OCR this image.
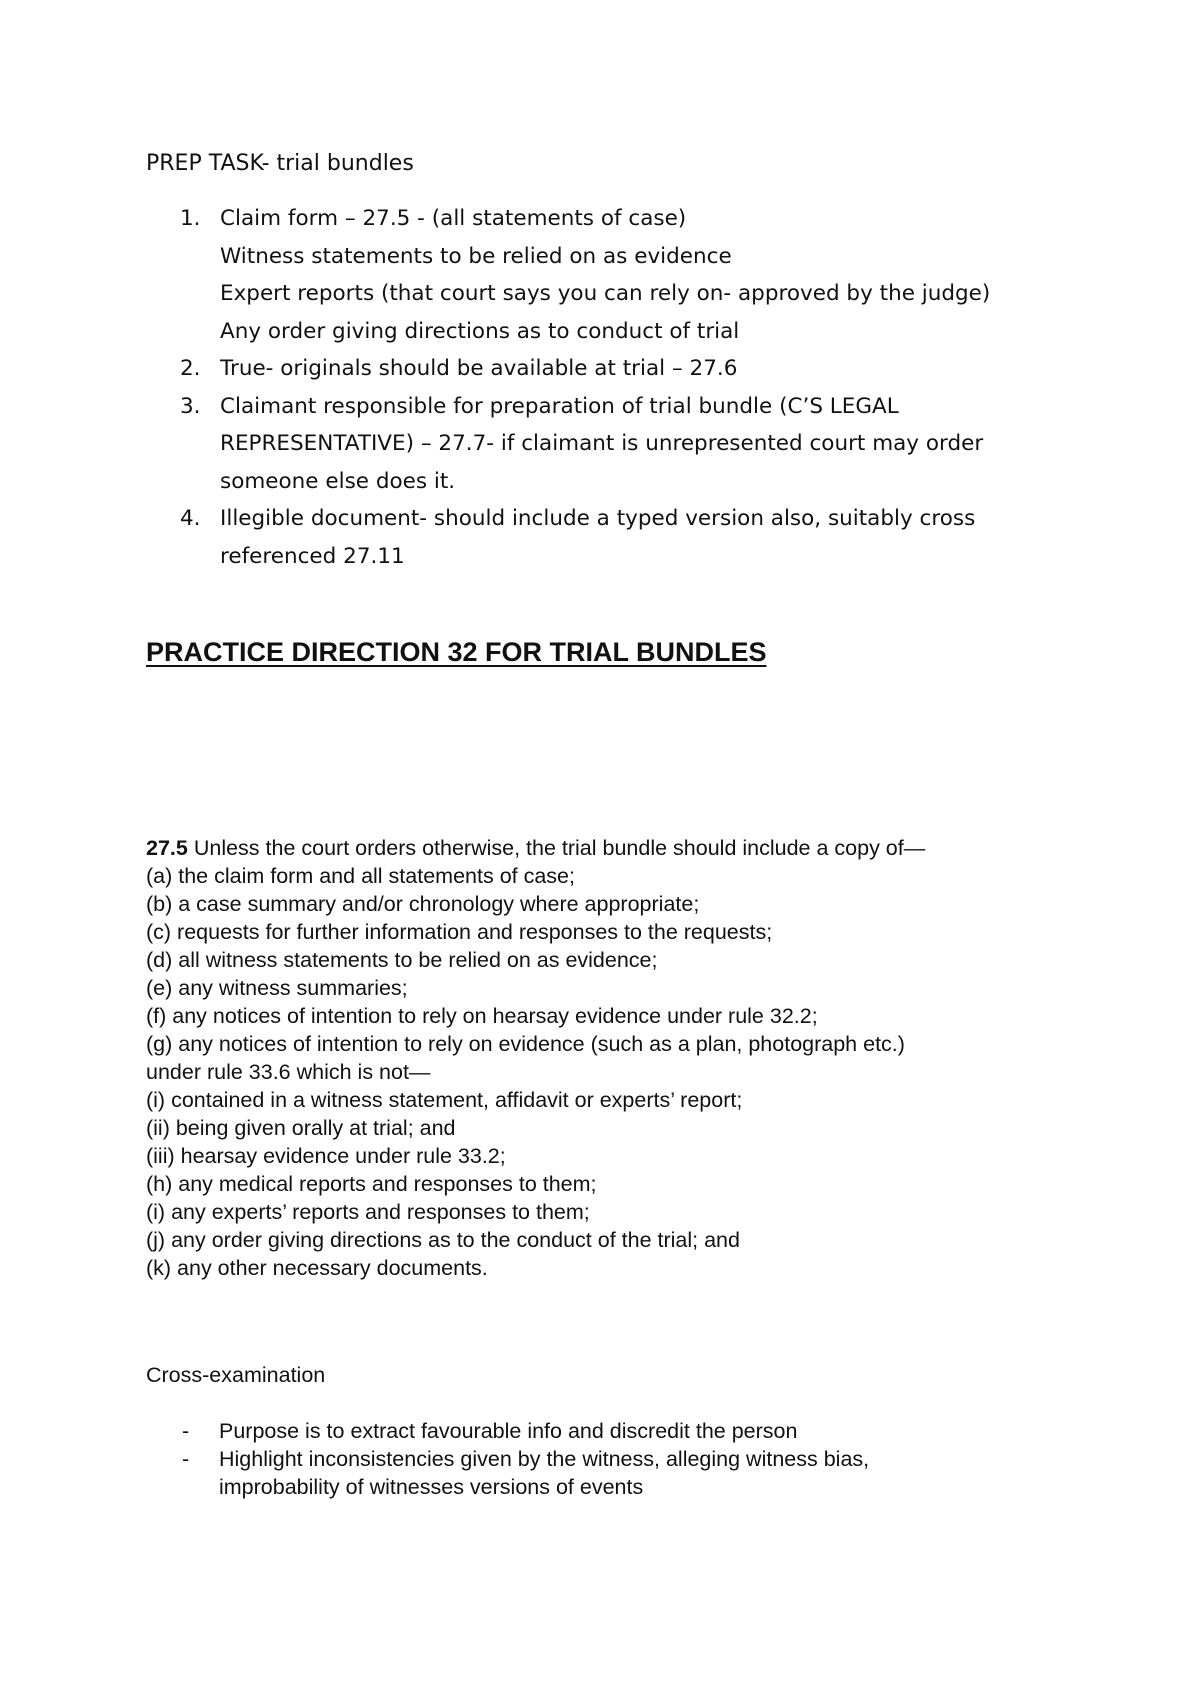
PREP TASK- trial bundles
1. Claim form – 27.5 - (all statements of case)
Witness statements to be relied on as evidence
Expert reports (that court says you can rely on- approved by the judge)
Any order giving directions as to conduct of trial
2. True- originals should be available at trial – 27.6
3. Claimant responsible for preparation of trial bundle (C’S LEGAL
REPRESENTATIVE) – 27.7- if claimant is unrepresented court may order
someone else does it.
4. Illegible document- should include a typed version also, suitably cross
referenced 27.11
PRACTICE DIRECTION 32 FOR TRIAL BUNDLES
27.5 Unless the court orders otherwise, the trial bundle should include a copy of—
(a) the claim form and all statements of case;
(b) a case summary and/or chronology where appropriate;
(c) requests for further information and responses to the requests;
(d) all witness statements to be relied on as evidence;
(e) any witness summaries;
(f) any notices of intention to rely on hearsay evidence under rule 32.2;
(g) any notices of intention to rely on evidence (such as a plan, photograph etc.)
under rule 33.6 which is not—
(i) contained in a witness statement, affidavit or experts’ report;
(ii) being given orally at trial; and
(iii) hearsay evidence under rule 33.2;
(h) any medical reports and responses to them;
(i) any experts’ reports and responses to them;
(j) any order giving directions as to the conduct of the trial; and
(k) any other necessary documents.
Cross-examination
- Purpose is to extract favourable info and discredit the person
- Highlight inconsistencies given by the witness, alleging witness bias,
improbability of witnesses versions of events
